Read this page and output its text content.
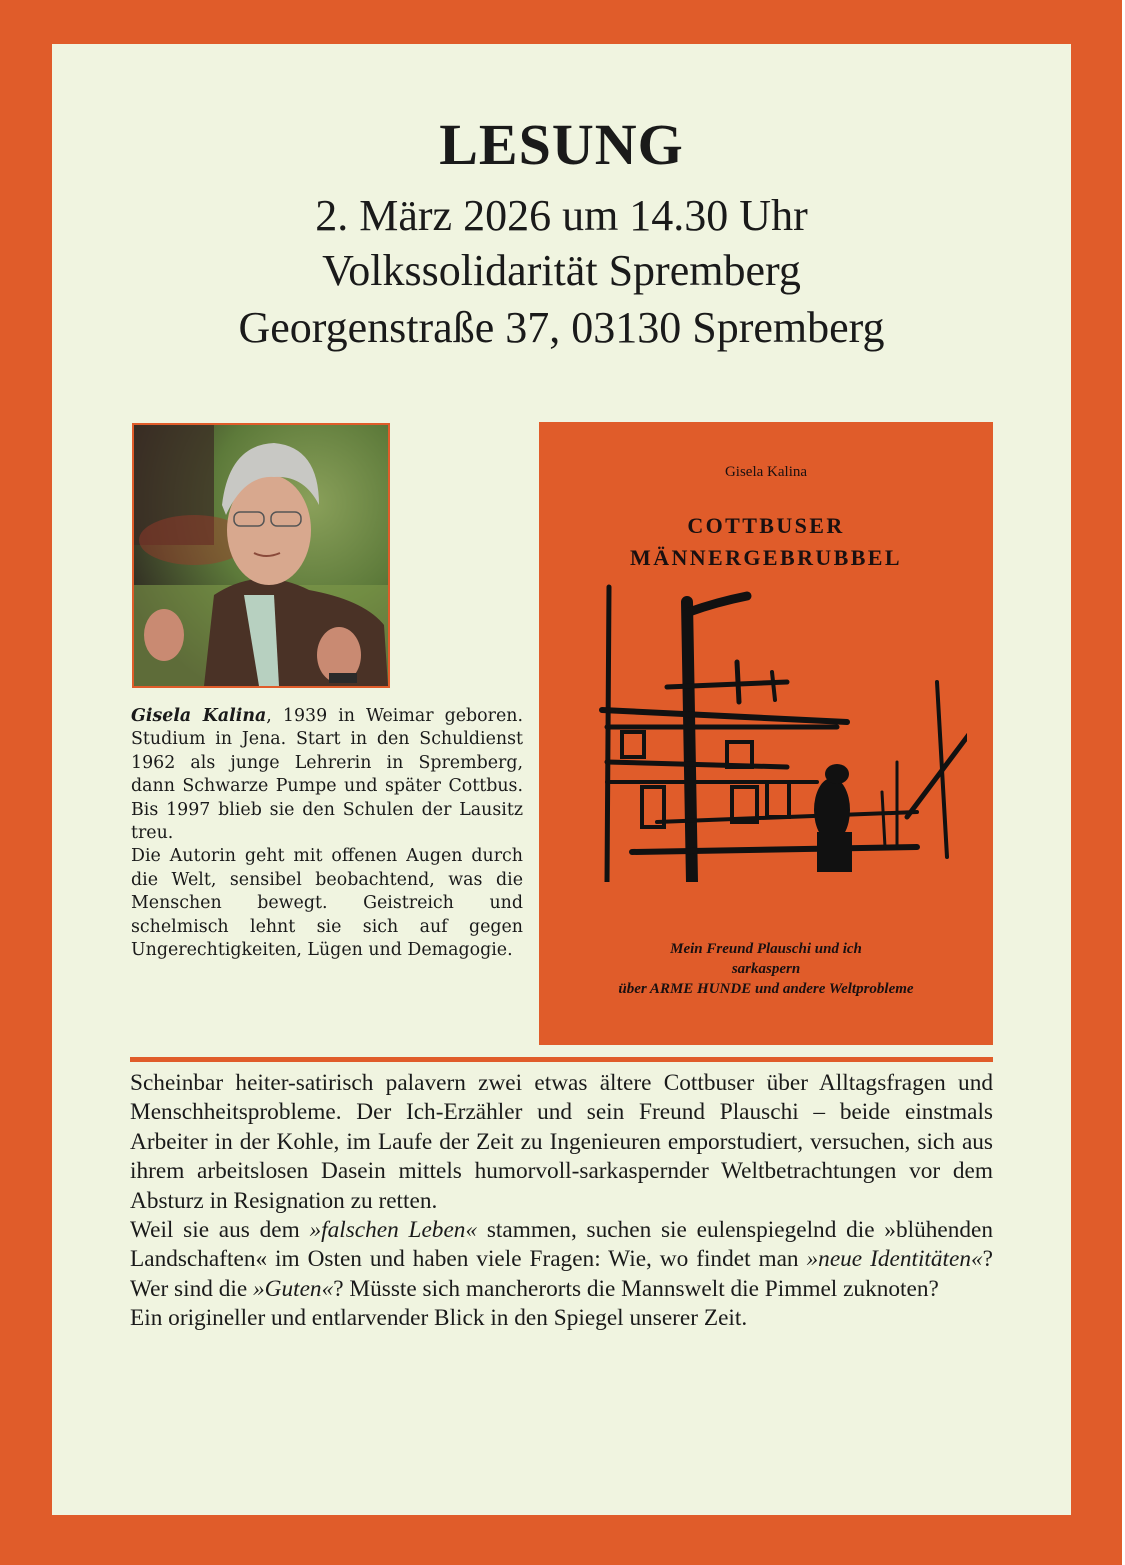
LESUNG
2. März 2026 um 14.30 Uhr
Volkssolidarität Spremberg
Georgenstraße 37, 03130 Spremberg

Gisela Kalina, 1939 in Weimar geboren. Studium in Jena. Start in den Schuldienst 1962 als junge Lehrerin in Spremberg, dann Schwarze Pumpe und später Cottbus. Bis 1997 blieb sie den Schulen der Lausitz treu.

Die Autorin geht mit offenen Augen durch die Welt, sensibel beobachtend, was die Menschen bewegt. Geistreich und schelmisch lehnt sie sich auf gegen Ungerechtigkeiten, Lügen und Demagogie.

Gisela Kalina
COTTBUSER
MÄNNERGEBRUBBEL
Mein Freund Plauschi und ich
sarkaspern
über ARME HUNDE und andere Weltprobleme

Scheinbar heiter-satirisch palavern zwei etwas ältere Cottbuser über Alltagsfragen und Menschheitsprobleme. Der Ich-Erzähler und sein Freund Plauschi – beide einstmals Arbeiter in der Kohle, im Laufe der Zeit zu Ingenieuren emporstudiert, versuchen, sich aus ihrem arbeitslosen Dasein mittels humorvoll-sarkaspernder Weltbetrachtungen vor dem Absturz in Resignation zu retten.

Weil sie aus dem »falschen Leben« stammen, suchen sie eulenspiegelnd die »blühenden Landschaften« im Osten und haben viele Fragen: Wie, wo findet man »neue Identitäten«? Wer sind die »Guten«? Müsste sich mancherorts die Mannswelt die Pimmel zuknoten?

Ein origineller und entlarvender Blick in den Spiegel unserer Zeit.
